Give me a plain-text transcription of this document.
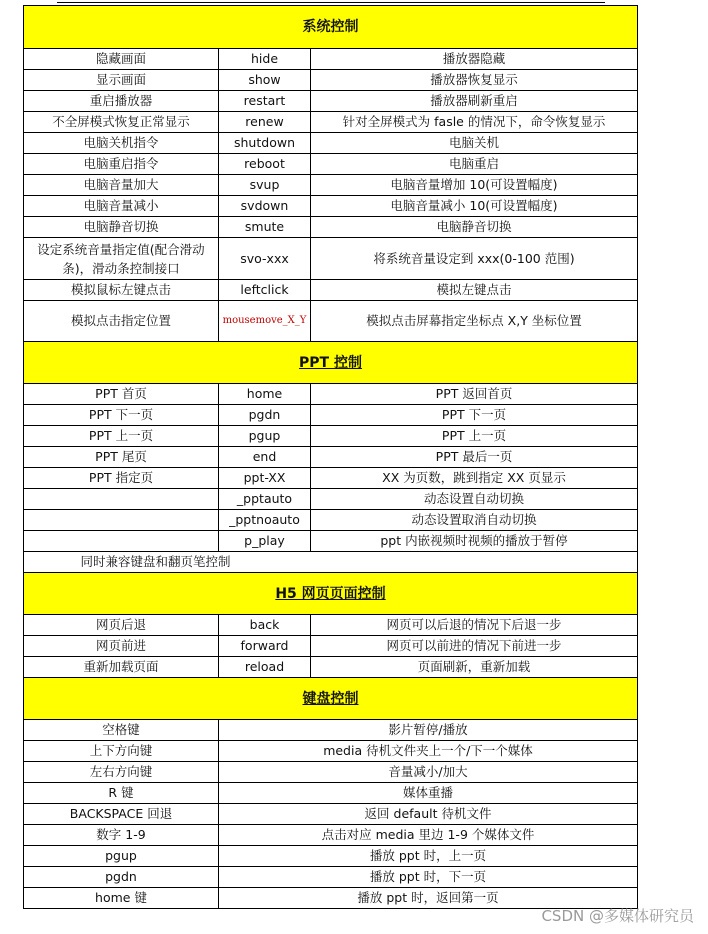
系统控制		
隐藏画面	hide	播放器隐藏
显示画面	show	播放器恢复显示
重启播放器	restart	播放器刷新重启
不全屏模式恢复正常显示	renew	针对全屏模式为 fasle 的情况下，命令恢复显示
电脑关机指令	shutdown	电脑关机
电脑重启指令	reboot	电脑重启
电脑音量加大	svup	电脑音量增加 10(可设置幅度)
电脑音量减小	svdown	电脑音量减小 10(可设置幅度)
电脑静音切换	smute	电脑静音切换
设定系统音量指定值(配合滑动条)，滑动条控制接口	svo-xxx	将系统音量设定到 xxx(0-100 范围)
模拟鼠标左键点击	leftclick	模拟左键点击
模拟点击指定位置	mousemove_X_Y	模拟点击屏幕指定坐标点 X,Y 坐标位置
PPT 控制		
PPT 首页	home	PPT 返回首页
PPT 下一页	pgdn	PPT 下一页
PPT 上一页	pgup	PPT 上一页
PPT 尾页	end	PPT 最后一页
PPT 指定页	ppt-XX	XX 为页数，跳到指定 XX 页显示
	_pptauto	动态设置自动切换
	_pptnoauto	动态设置取消自动切换
	p_play	ppt 内嵌视频时视频的播放于暂停
同时兼容键盘和翻页笔控制		
H5 网页页面控制		
网页后退	back	网页可以后退的情况下后退一步
网页前进	forward	网页可以前进的情况下前进一步
重新加载页面	reload	页面刷新，重新加载
键盘控制		
空格键	影片暂停/播放	
上下方向键	media 待机文件夹上一个/下一个媒体	
左右方向键	音量减小/加大	
R 键	媒体重播	
BACKSPACE 回退	返回 default 待机文件	
数字 1-9	点击对应 media 里边 1-9 个媒体文件	
pgup	播放 ppt 时，上一页	
pgdn	播放 ppt 时，下一页	
home 键	播放 ppt 时，返回第一页	
CSDN @多媒体研究员
